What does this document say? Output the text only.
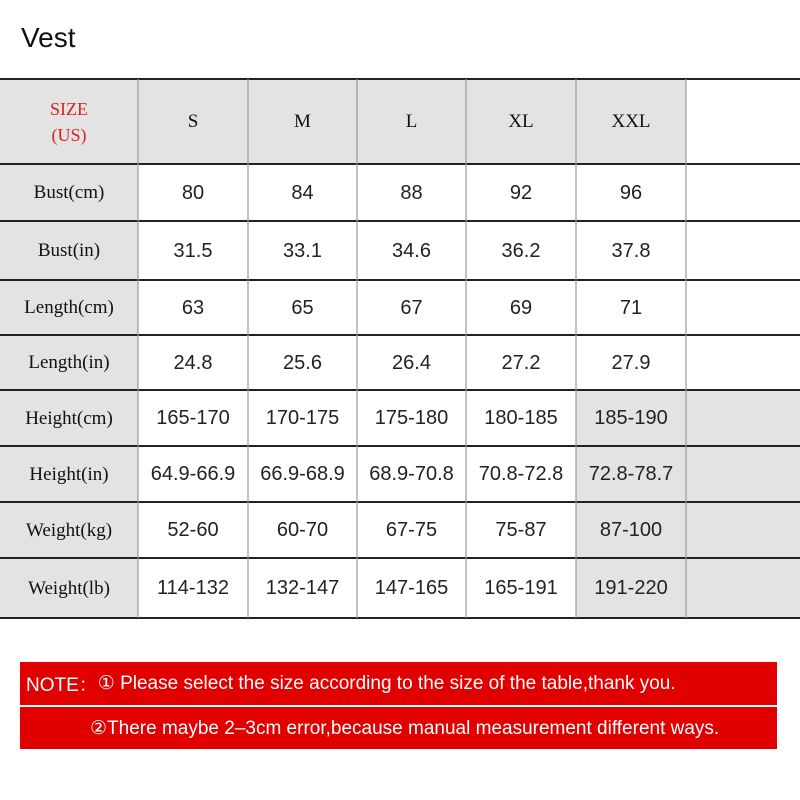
Vest
SIZE
(US)
S	M	L	XL	XXL
Bust(cm)	80	84	88	92	96
Bust(in)	31.5	33.1	34.6	36.2	37.8
Length(cm)	63	65	67	69	71
Length(in)	24.8	25.6	26.4	27.2	27.9
Height(cm)	165-170	170-175	175-180	180-185	185-190
Height(in)	64.9-66.9	66.9-68.9	68.9-70.8	70.8-72.8	72.8-78.7
Weight(kg)	52-60	60-70	67-75	75-87	87-100
Weight(lb)	114-132	132-147	147-165	165-191	191-220
NOTE： ① Please select the size according to the size of the table,thank you.
②There maybe 2–3cm error,because manual measurement different ways.
